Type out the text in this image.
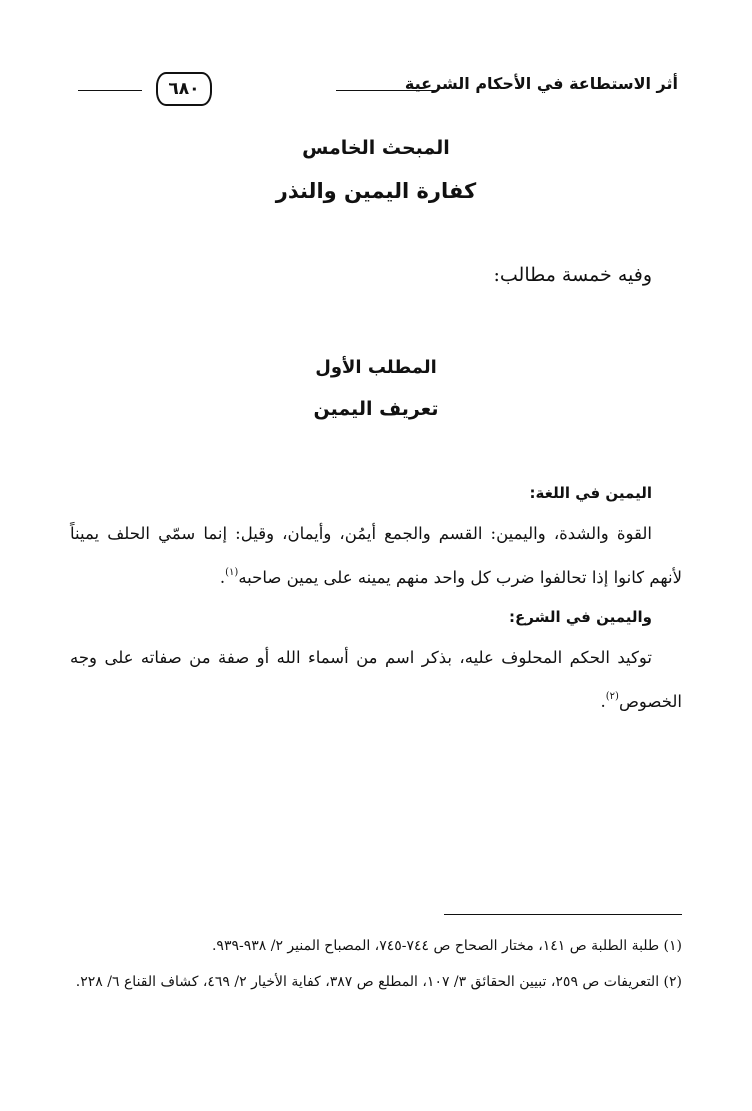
أثر الاستطاعة في الأحكام الشرعية
٦٨٠
المبحث الخامس
كفارة اليمين والنذر
وفيه خمسة مطالب:
المطلب الأول
تعريف اليمين
اليمين في اللغة:
القوة والشدة، واليمين: القسم والجمع أيمُن، وأيمان، وقيل: إنما سمّي الحلف يميناً لأنهم كانوا إذا تحالفوا ضرب كل واحد منهم يمينه على يمين صاحبه$^{(١)}$.
واليمين في الشرع:
توكيد الحكم المحلوف عليه، بذكر اسم من أسماء الله أو صفة من صفاته على وجه الخصوص$^{(٢)}$.
(١) طلبة الطلبة ص ١٤١، مختار الصحاح ص ٧٤٤-٧٤٥، المصباح المنير ٢/ ٩٣٨-٩٣٩.
(٢) التعريفات ص ٢٥٩، تبيين الحقائق ٣/ ١٠٧، المطلع ص ٣٨٧، كفاية الأخيار ٢/ ٤٦٩، كشاف القناع ٦/ ٢٢٨.
